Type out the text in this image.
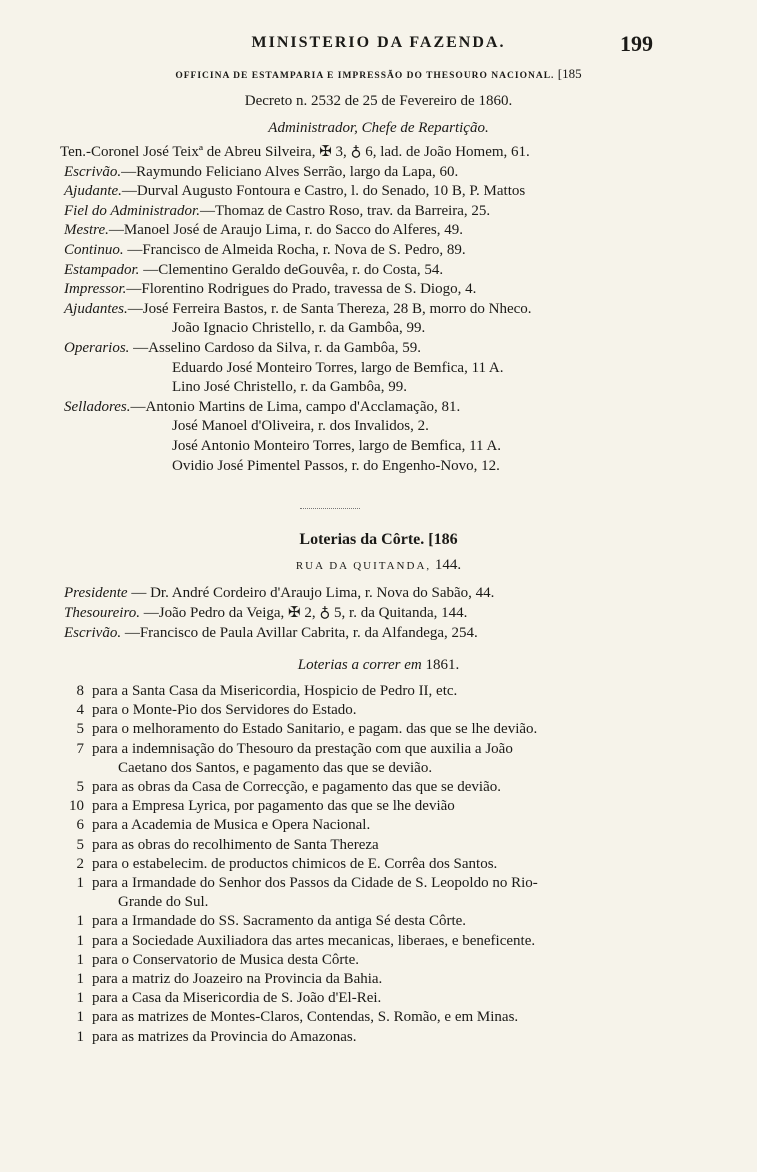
MINISTERIO DA FAZENDA.	199
OFFICINA DE ESTAMPARIA E IMPRESSÃO DO THESOURO NACIONAL. [185
Decreto n. 2532 de 25 de Fevereiro de 1860.
Administrador, Chefe de Repartição.
Ten.-Coronel José Teixª de Abreu Silveira, ✠ 3, ♁ 6, lad. de João Homem, 61.
Escrivão.—Raymundo Feliciano Alves Serrão, largo da Lapa, 60.
Ajudante.—Durval Augusto Fontoura e Castro, l. do Senado, 10 B, P. Mattos
Fiel do Administrador.—Thomaz de Castro Roso, trav. da Barreira, 25.
Mestre.—Manoel José de Araujo Lima, r. do Sacco do Alferes, 49.
Continuo. —Francisco de Almeida Rocha, r. Nova de S. Pedro, 89.
Estampador. —Clementino Geraldo deGouvêa, r. do Costa, 54.
Impressor.—Florentino Rodrigues do Prado, travessa de S. Diogo, 4.
Ajudantes.—José Ferreira Bastos, r. de Santa Thereza, 28 B, morro do Nheco.
João Ignacio Christello, r. da Gambôa, 99.
Operarios. —Asselino Cardoso da Silva, r. da Gambôa, 59.
Eduardo José Monteiro Torres, largo de Bemfica, 11 A.
Lino José Christello, r. da Gambôa, 99.
Selladores.—Antonio Martins de Lima, campo d'Acclamação, 81.
José Manoel d'Oliveira, r. dos Invalidos, 2.
José Antonio Monteiro Torres, largo de Bemfica, 11 A.
Ovidio José Pimentel Passos, r. do Engenho-Novo, 12.
Loterias da Côrte. [186
RUA DA QUITANDA, 144.
Presidente — Dr. André Cordeiro d'Araujo Lima, r. Nova do Sabão, 44.
Thesoureiro. —João Pedro da Veiga, ✠ 2, ♁ 5, r. da Quitanda, 144.
Escrivão. —Francisco de Paula Avillar Cabrita, r. da Alfandega, 254.
Loterias a correr em 1861.
8 para a Santa Casa da Misericordia, Hospicio de Pedro II, etc.
4 para o Monte-Pio dos Servidores do Estado.
5 para o melhoramento do Estado Sanitario, e pagam. das que se lhe devião.
7 para a indemnisação do Thesouro da prestação com que auxilia a João
Caetano dos Santos, e pagamento das que se devião.
5 para as obras da Casa de Correcção, e pagamento das que se devião.
10 para a Empresa Lyrica, por pagamento das que se lhe devião
6 para a Academia de Musica e Opera Nacional.
5 para as obras do recolhimento de Santa Thereza
2 para o estabelecim. de productos chimicos de E. Corrêa dos Santos.
1 para a Irmandade do Senhor dos Passos da Cidade de S. Leopoldo no Rio-
Grande do Sul.
1 para a Irmandade do SS. Sacramento da antiga Sé desta Côrte.
1 para a Sociedade Auxiliadora das artes mecanicas, liberaes, e beneficente.
1 para o Conservatorio de Musica desta Côrte.
1 para a matriz do Joazeiro na Provincia da Bahia.
1 para a Casa da Misericordia de S. João d'El-Rei.
1 para as matrizes de Montes-Claros, Contendas, S. Romão, e em Minas.
1 para as matrizes da Provincia do Amazonas.
